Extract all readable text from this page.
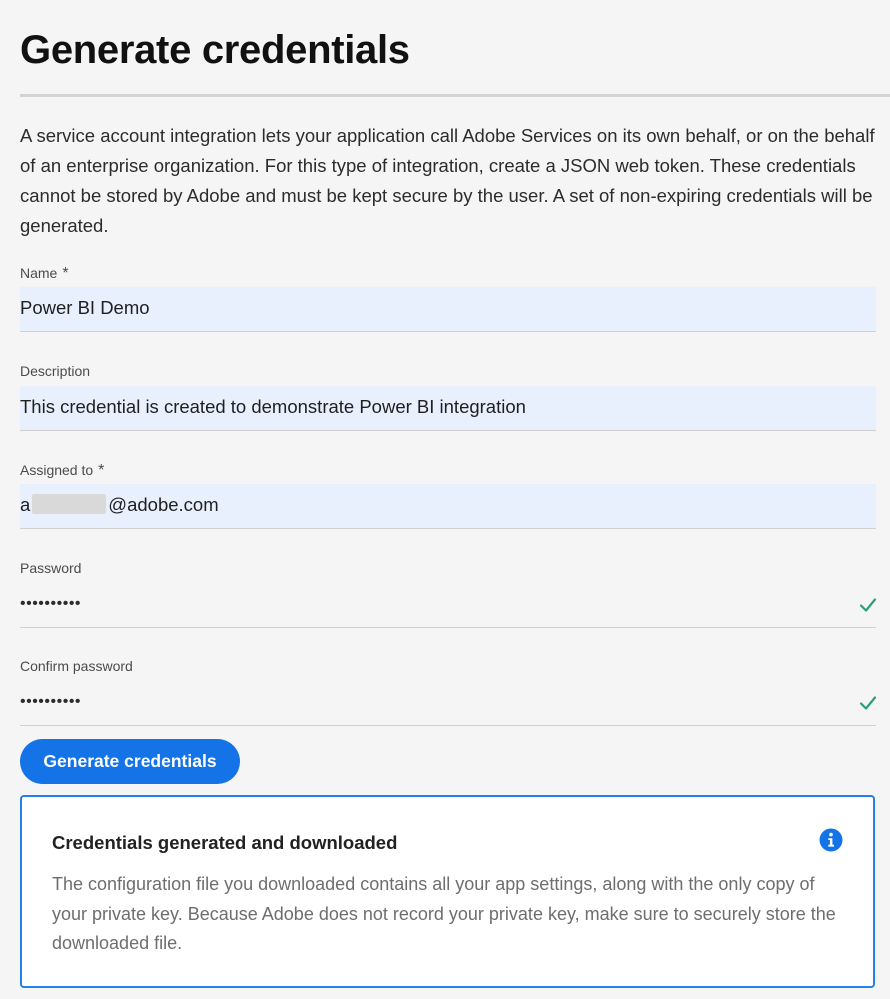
Generate credentials

A service account integration lets your application call Adobe Services on its own behalf, or on the behalf of an enterprise organization. For this type of integration, create a JSON web token. These credentials cannot be stored by Adobe and must be kept secure by the user. A set of non-expiring credentials will be generated.

Name *
Power BI Demo
Description
This credential is created to demonstrate Power BI integration
Assigned to *
a	@adobe.com
Password
••••••••••
Confirm password
••••••••••
Generate credentials
Credentials generated and downloaded

The configuration file you downloaded contains all your app settings, along with the only copy of your private key. Because Adobe does not record your private key, make sure to securely store the downloaded file.
